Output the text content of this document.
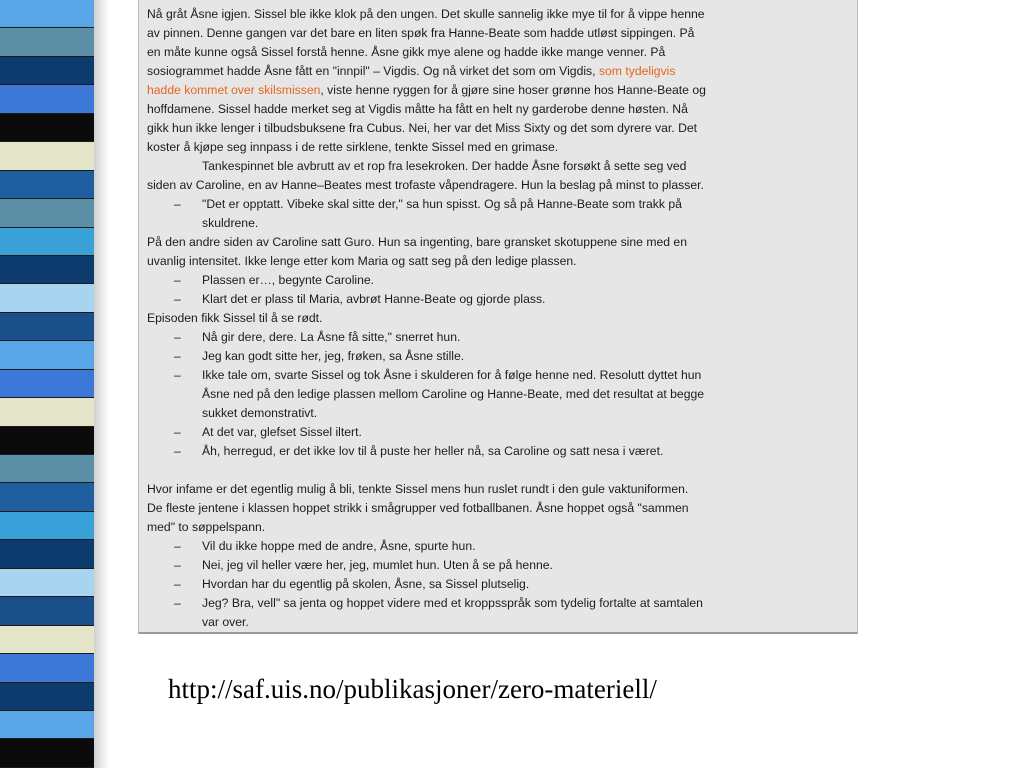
Nå gråt Åsne igjen. Sissel ble ikke klok på den ungen. Det skulle sannelig ikke mye til for å vippe henne
av pinnen. Denne gangen var det bare en liten spøk fra Hanne-Beate som hadde utløst sippingen. På
en måte kunne også Sissel forstå henne. Åsne gikk mye alene og hadde ikke mange venner. På
sosiogrammet hadde Åsne fått en "innpil" – Vigdis. Og nå virket det som om Vigdis, som tydeligvis
hadde kommet over skilsmissen, viste henne ryggen for å gjøre sine hoser grønne hos Hanne-Beate og
hoffdamene. Sissel hadde merket seg at Vigdis måtte ha fått en helt ny garderobe denne høsten. Nå
gikk hun ikke lenger i tilbudsbuksene fra Cubus. Nei, her var det Miss Sixty og det som dyrere var. Det
koster å kjøpe seg innpass i de rette sirklene, tenkte Sissel med en grimase.
Tankespinnet ble avbrutt av et rop fra lesekroken. Der hadde Åsne forsøkt å sette seg ved
siden av Caroline, en av Hanne–Beates mest trofaste våpendragere. Hun la beslag på minst to plasser.
– "Det er opptatt. Vibeke skal sitte der," sa hun spisst. Og så på Hanne-Beate som trakk på
skuldrene.
På den andre siden av Caroline satt Guro. Hun sa ingenting, bare gransket skotuppene sine med en
uvanlig intensitet. Ikke lenge etter kom Maria og satt seg på den ledige plassen.
– Plassen er…, begynte Caroline.
– Klart det er plass til Maria, avbrøt Hanne-Beate og gjorde plass.
Episoden fikk Sissel til å se rødt.
– Nå gir dere, dere. La Åsne få sitte," snerret hun.
– Jeg kan godt sitte her, jeg, frøken, sa Åsne stille.
– Ikke tale om, svarte Sissel og tok Åsne i skulderen for å følge henne ned. Resolutt dyttet hun
Åsne ned på den ledige plassen mellom Caroline og Hanne-Beate, med det resultat at begge
sukket demonstrativt.
– At det var, glefset Sissel iltert.
– Åh, herregud, er det ikke lov til å puste her heller nå, sa Caroline og satt nesa i været.
Hvor infame er det egentlig mulig å bli, tenkte Sissel mens hun ruslet rundt i den gule vaktuniformen.
De fleste jentene i klassen hoppet strikk i smågrupper ved fotballbanen. Åsne hoppet også "sammen
med" to søppelspann.
– Vil du ikke hoppe med de andre, Åsne, spurte hun.
– Nei, jeg vil heller være her, jeg, mumlet hun. Uten å se på henne.
– Hvordan har du egentlig på skolen, Åsne, sa Sissel plutselig.
– Jeg? Bra, vell" sa jenta og hoppet videre med et kroppsspråk som tydelig fortalte at samtalen
var over.
http://saf.uis.no/publikasjoner/zero-materiell/
